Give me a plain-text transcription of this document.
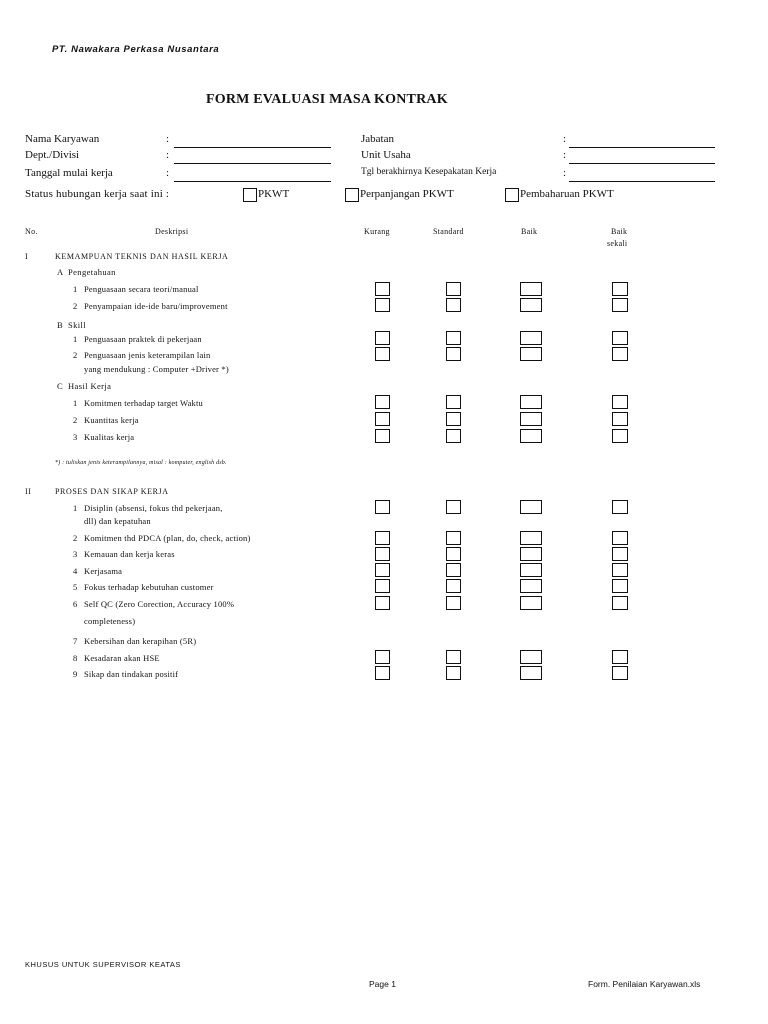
PT. Nawakara Perkasa Nusantara
FORM EVALUASI MASA KONTRAK
Nama Karyawan	:
Dept./Divisi	:
Tanggal mulai kerja	:
Jabatan	:
Unit Usaha	:
Tgl berakhirnya Kesepakatan Kerja	:
Status hubungan kerja saat ini :	PKWT	Perpanjangan PKWT	Pembaharuan PKWT
No.	Deskripsi	Kurang	Standard	Baik	Baik
sekali
I	KEMAMPUAN TEKNIS DAN HASIL KERJA
A Pengetahuan
1 Penguasaan secara teori/manual
2 Penyampaian ide-ide baru/improvement
B Skill
1 Penguasaan praktek di pekerjaan
2 Penguasaan jenis keterampilan lain
yang mendukung : Computer +Driver *)
C Hasil Kerja
1 Komitmen terhadap target Waktu
2 Kuantitas kerja
3 Kualitas kerja
*) : tuliskan jenis keterampilannya, misal : komputer, english dsb.
II	PROSES DAN SIKAP KERJA
1 Disiplin (absensi, fokus thd pekerjaan,
dll) dan kepatuhan
2 Komitmen thd PDCA (plan, do, check, action)
3 Kemauan dan kerja keras
4 Kerjasama
5 Fokus terhadap kebutuhan customer
6 Self QC (Zero Corection, Accuracy 100%
completeness)
7 Kebersihan dan kerapihan (5R)
8 Kesadaran akan HSE
9 Sikap dan tindakan positif
KHUSUS UNTUK SUPERVISOR KEATAS
Page 1	Form. Penilaian Karyawan.xls
